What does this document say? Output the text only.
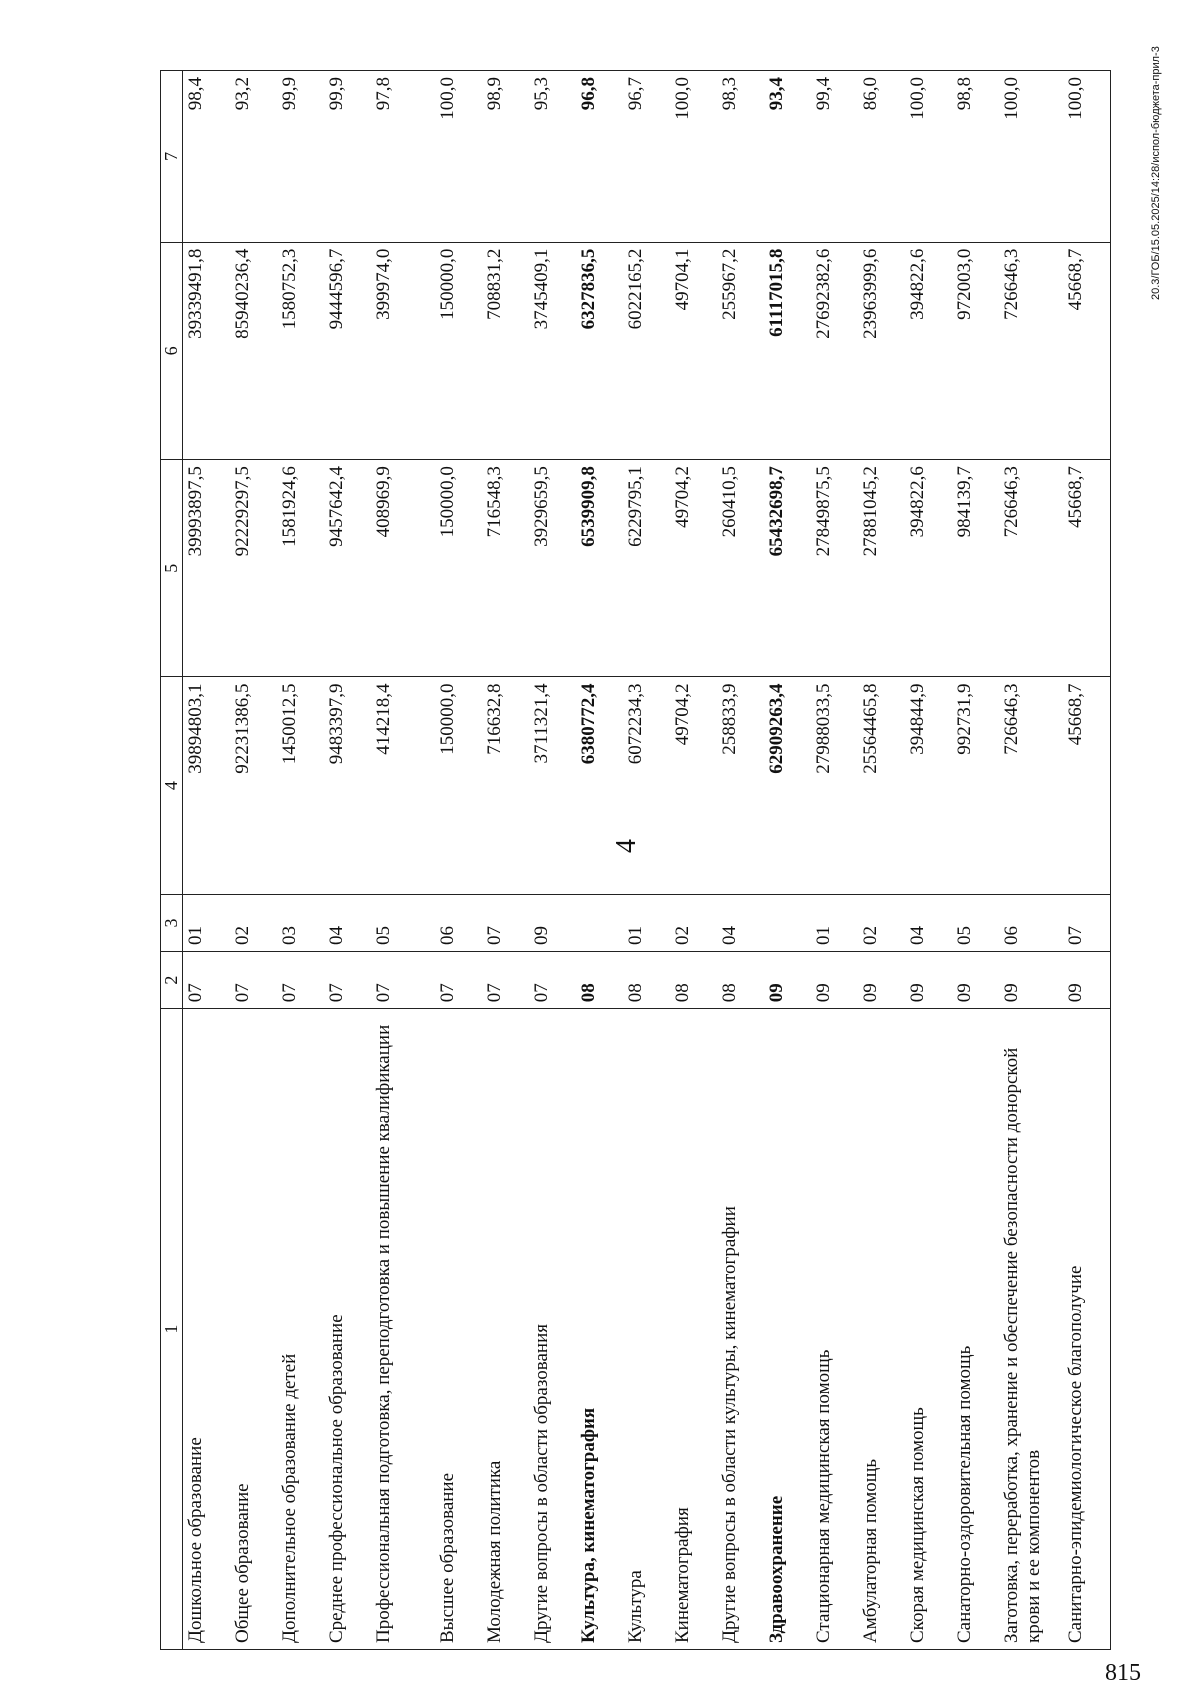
4
20.3/ГОБ/15.05.2025/14:28/испол-бюджета-прил-3
815
1	2	3	4	5	6	7
Дошкольное образование	07	01	39894803,1	39993897,5	39339491,8	98,4
Общее образование	07	02	92231386,5	92229297,5	85940236,4	93,2
Дополнительное образование детей	07	03	1450012,5	1581924,6	1580752,3	99,9
Среднее профессиональное образование	07	04	9483397,9	9457642,4	9444596,7	99,9
Профессиональная подготовка, переподготовка и повышение квалификации	07	05	414218,4	408969,9	399974,0	97,8
Высшее образование	07	06	150000,0	150000,0	150000,0	100,0
Молодежная политика	07	07	716632,8	716548,3	708831,2	98,9
Другие вопросы в области образования	07	09	3711321,4	3929659,5	3745409,1	95,3
Культура, кинематография	08		6380772,4	6539909,8	6327836,5	96,8
Культура	08	01	6072234,3	6229795,1	6022165,2	96,7
Кинематография	08	02	49704,2	49704,2	49704,1	100,0
Другие вопросы в области культуры, кинематографии	08	04	258833,9	260410,5	255967,2	98,3
Здравоохранение	09		62909263,4	65432698,7	61117015,8	93,4
Стационарная медицинская помощь	09	01	27988033,5	27849875,5	27692382,6	99,4
Амбулаторная помощь	09	02	25564465,8	27881045,2	23963999,6	86,0
Скорая медицинская помощь	09	04	394844,9	394822,6	394822,6	100,0
Санаторно-оздоровительная помощь	09	05	992731,9	984139,7	972003,0	98,8
Заготовка, переработка, хранение и обеспечение безопасности донорской крови и ее компонентов	09	06	726646,3	726646,3	726646,3	100,0
Санитарно-эпидемиологическое благополучие	09	07	45668,7	45668,7	45668,7	100,0
